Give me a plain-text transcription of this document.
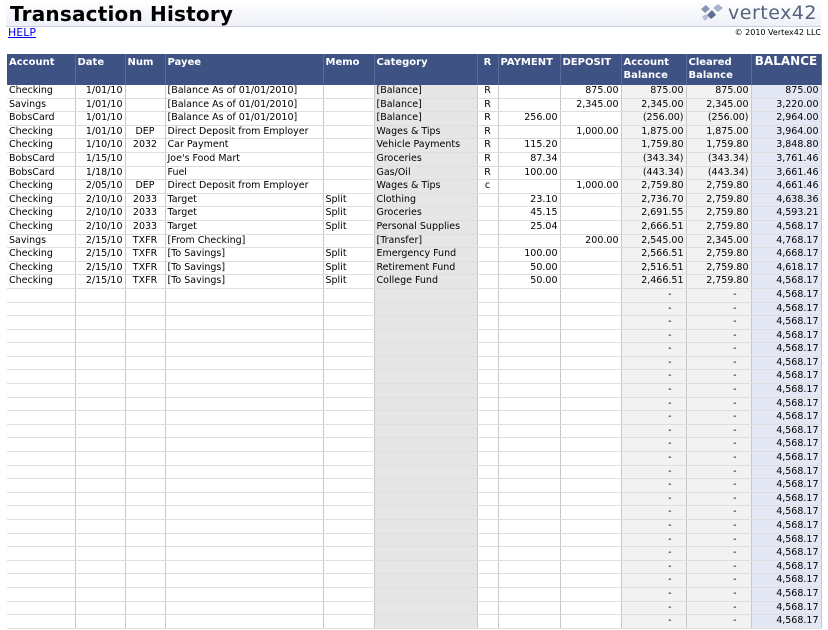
Transaction History	vertex42
HELP	© 2010 Vertex42 LLC
Account	Date	Num	Payee	Memo	Category	R	PAYMENT	DEPOSIT	Account Balance	Cleared Balance	BALANCE
Checking	1/01/10		[Balance As of 01/01/2010]		[Balance]	R		875.00	875.00	875.00	875.00
Savings	1/01/10		[Balance As of 01/01/2010]		[Balance]	R		2,345.00	2,345.00	2,345.00	3,220.00
BobsCard	1/01/10		[Balance As of 01/01/2010]		[Balance]	R	256.00		(256.00)	(256.00)	2,964.00
Checking	1/01/10	DEP	Direct Deposit from Employer		Wages & Tips	R		1,000.00	1,875.00	1,875.00	3,964.00
Checking	1/10/10	2032	Car Payment		Vehicle Payments	R	115.20		1,759.80	1,759.80	3,848.80
BobsCard	1/15/10		Joe's Food Mart		Groceries	R	87.34		(343.34)	(343.34)	3,761.46
BobsCard	1/18/10		Fuel		Gas/Oil	R	100.00		(443.34)	(443.34)	3,661.46
Checking	2/05/10	DEP	Direct Deposit from Employer		Wages & Tips	c		1,000.00	2,759.80	2,759.80	4,661.46
Checking	2/10/10	2033	Target	Split	Clothing		23.10		2,736.70	2,759.80	4,638.36
Checking	2/10/10	2033	Target	Split	Groceries		45.15		2,691.55	2,759.80	4,593.21
Checking	2/10/10	2033	Target	Split	Personal Supplies		25.04		2,666.51	2,759.80	4,568.17
Savings	2/15/10	TXFR	[From Checking]		[Transfer]			200.00	2,545.00	2,345.00	4,768.17
Checking	2/15/10	TXFR	[To Savings]	Split	Emergency Fund		100.00		2,566.51	2,759.80	4,668.17
Checking	2/15/10	TXFR	[To Savings]	Split	Retirement Fund		50.00		2,516.51	2,759.80	4,618.17
Checking	2/15/10	TXFR	[To Savings]	Split	College Fund		50.00		2,466.51	2,759.80	4,568.17
									-	-	4,568.17
									-	-	4,568.17
									-	-	4,568.17
									-	-	4,568.17
									-	-	4,568.17
									-	-	4,568.17
									-	-	4,568.17
									-	-	4,568.17
									-	-	4,568.17
									-	-	4,568.17
									-	-	4,568.17
									-	-	4,568.17
									-	-	4,568.17
									-	-	4,568.17
									-	-	4,568.17
									-	-	4,568.17
									-	-	4,568.17
									-	-	4,568.17
									-	-	4,568.17
									-	-	4,568.17
									-	-	4,568.17
									-	-	4,568.17
									-	-	4,568.17
									-	-	4,568.17
									-	-	4,568.17
